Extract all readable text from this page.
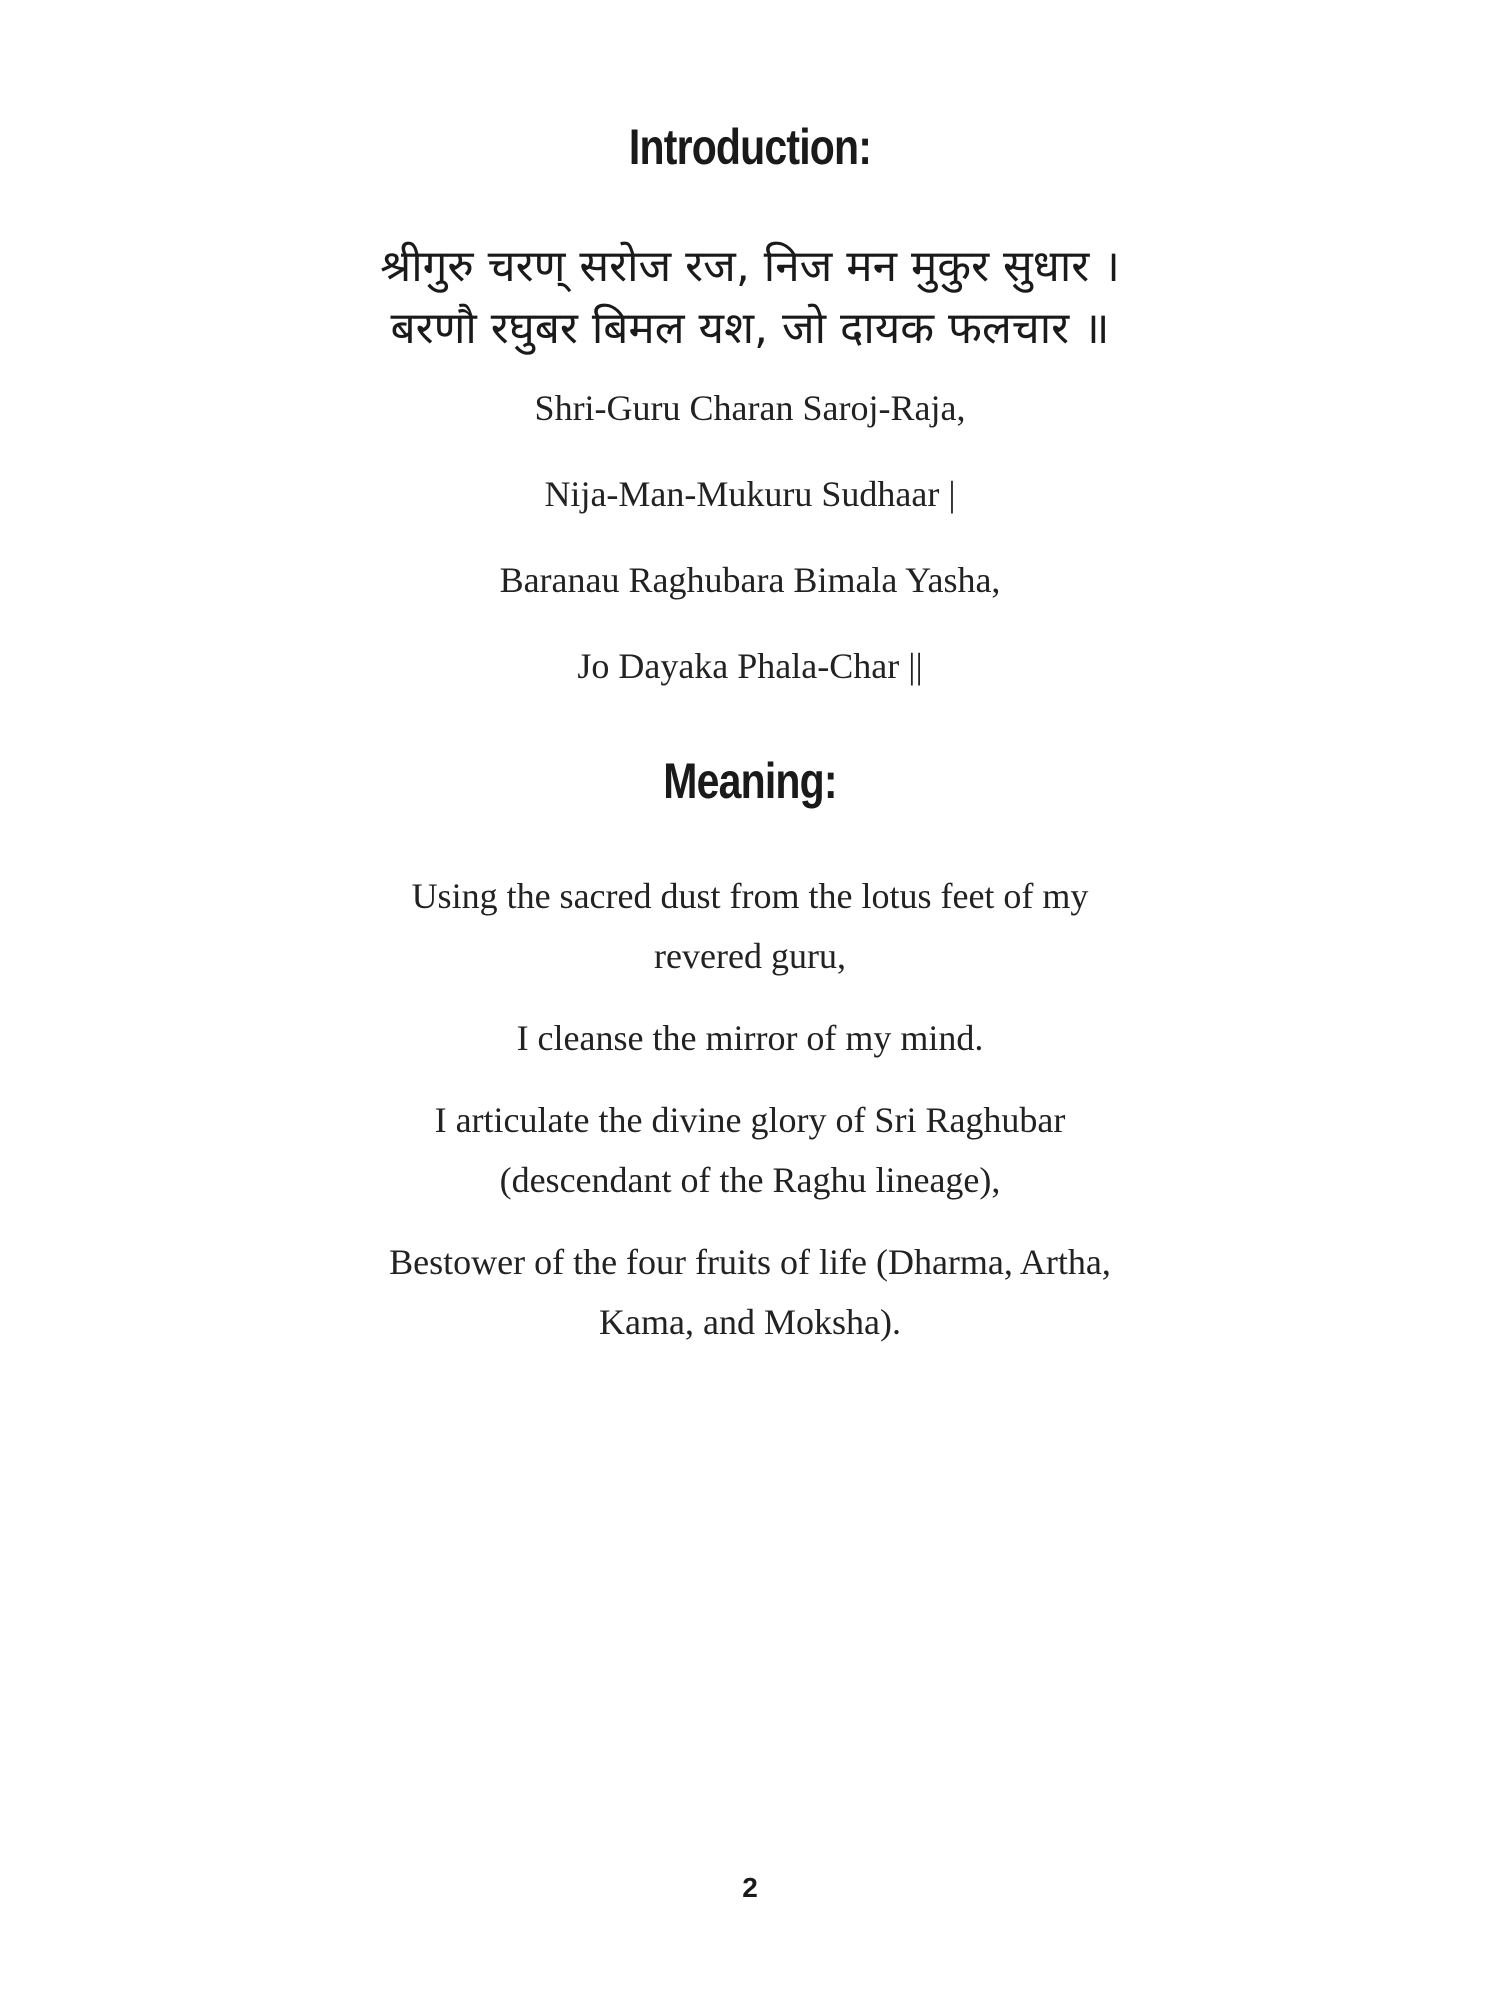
Introduction:
श्रीगुरु चरण् सरोज रज, निज मन मुकुर सुधार ।
बरणौ रघुबर बिमल यश, जो दायक फलचार ॥
Shri-Guru Charan Saroj-Raja,
Nija-Man-Mukuru Sudhaar |
Baranau Raghubara Bimala Yasha,
Jo Dayaka Phala-Char ||
Meaning:
Using the sacred dust from the lotus feet of my
revered guru,
I cleanse the mirror of my mind.
I articulate the divine glory of Sri Raghubar
(descendant of the Raghu lineage),
Bestower of the four fruits of life (Dharma, Artha,
Kama, and Moksha).
2
